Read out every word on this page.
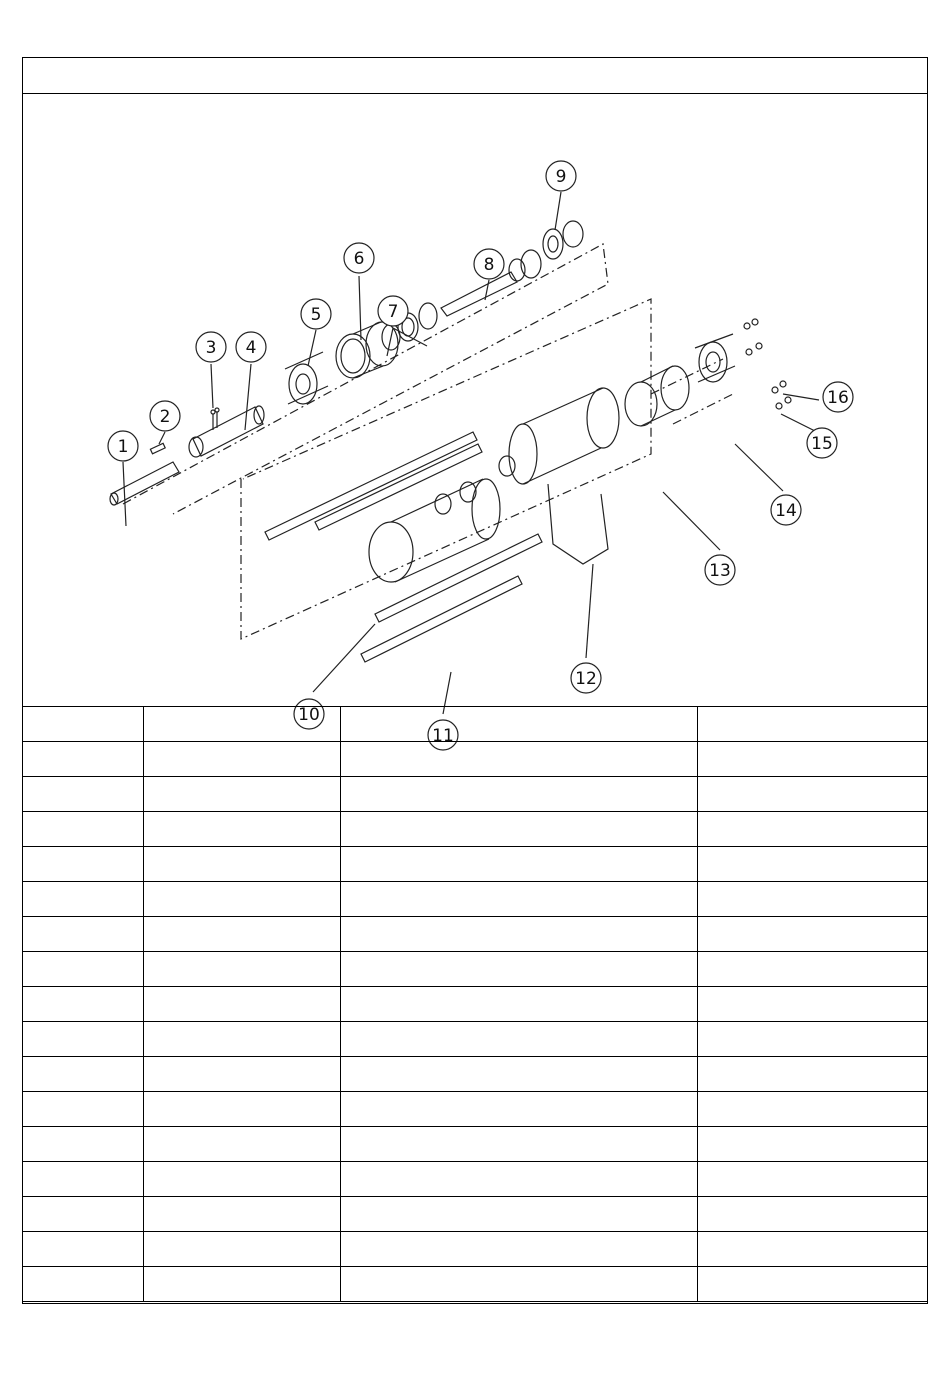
1
2
3 4
5
6
7
8
9
10
11
12
13
14
15
16
